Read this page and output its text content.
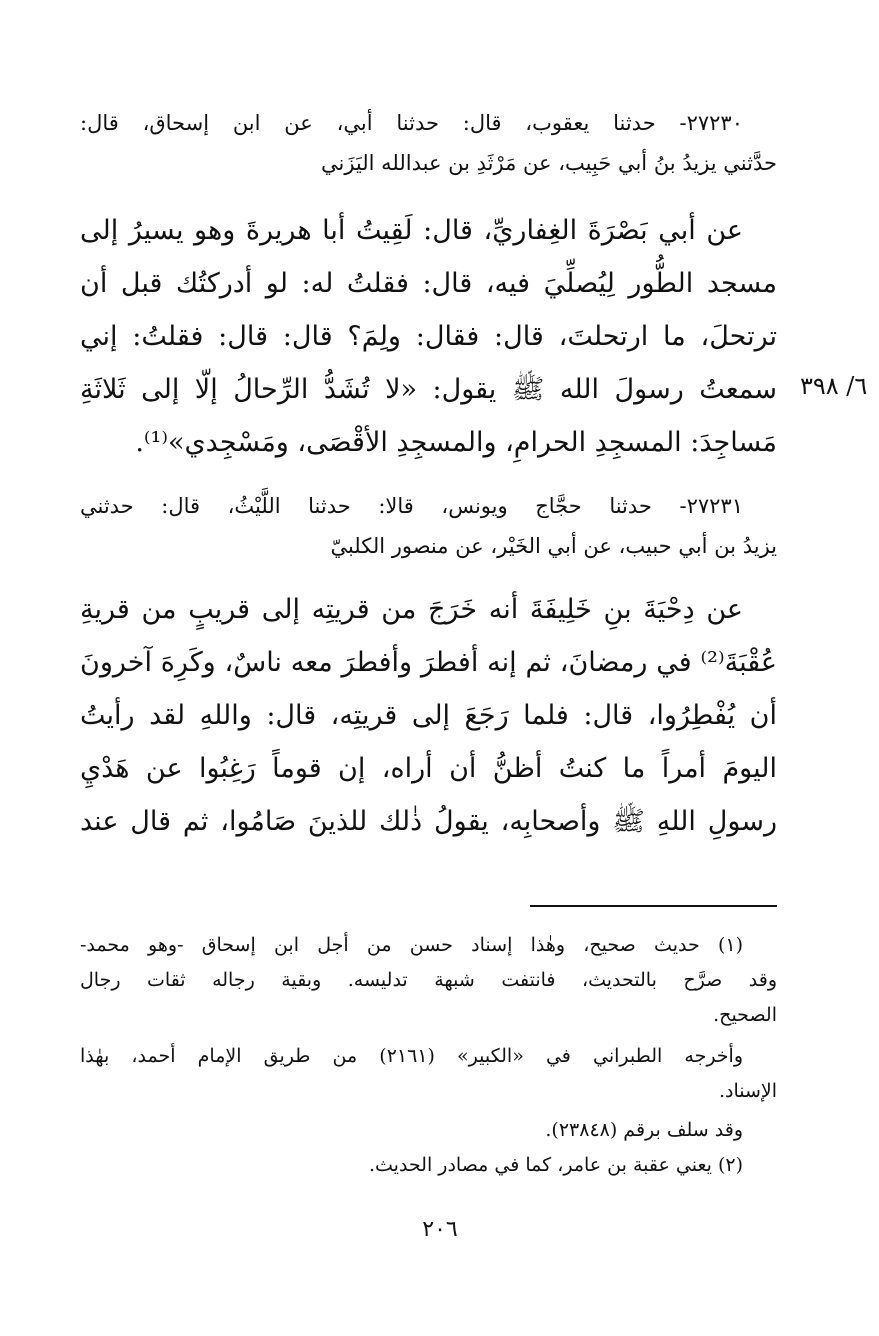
٢٧٢٣٠- حدثنا يعقوب، قال: حدثنا أبي، عن ابن إسحاق، قال:
حدَّثني يزيدُ بنُ أبي حَبِيب، عن مَرْثَدِ بن عبدالله اليَزَني
عن أبي بَصْرَةَ الغِفاريِّ، قال: لَقِيتُ أبا هريرةَ وهو يسيرُ إلى
مسجد الطُّور لِيُصلِّيَ فيه، قال: فقلتُ له: لو أدركتُك قبل أن
ترتحلَ، ما ارتحلتَ، قال: فقال: ولِمَ؟ قال: قال: فقلتُ: إني
سمعتُ رسولَ الله ﷺ يقول: «لا تُشَدُّ الرِّحالُ إلّا إلى ثَلاثَةِ
مَساجِدَ: المسجِدِ الحرامِ، والمسجِدِ الأقْصَى، ومَسْجِدي»⁽¹⁾.
٦/ ٣٩٨
٢٧٢٣١- حدثنا حجَّاج ويونس، قالا: حدثنا اللَّيْثُ، قال: حدثني
يزيدُ بن أبي حبيب، عن أبي الخَيْر، عن منصور الكلبيّ
عن دِحْيَةَ بنِ خَلِيفَةَ أنه خَرَجَ من قريتِه إلى قريبٍ من قريةِ
عُقْبَةَ⁽²⁾ في رمضانَ، ثم إنه أفطرَ وأفطرَ معه ناسٌ، وكَرِهَ آخرونَ
أن يُفْطِرُوا، قال: فلما رَجَعَ إلى قريتِه، قال: واللهِ لقد رأيتُ
اليومَ أمراً ما كنتُ أظنُّ أن أراه، إن قوماً رَغِبُوا عن هَدْيِ
رسولِ اللهِ ﷺ وأصحابِه، يقولُ ذٰلك للذينَ صَامُوا، ثم قال عند
(١) حديث صحيح، وهٰذا إسناد حسن من أجل ابن إسحاق -وهو محمد-
وقد صرَّح بالتحديث، فانتفت شبهة تدليسه. وبقية رجاله ثقات رجال
الصحيح.
وأخرجه الطبراني في «الكبير» (٢١٦١) من طريق الإمام أحمد، بهٰذا
الإسناد.
وقد سلف برقم (٢٣٨٤٨).
(٢) يعني عقبة بن عامر، كما في مصادر الحديث.
٢٠٦
